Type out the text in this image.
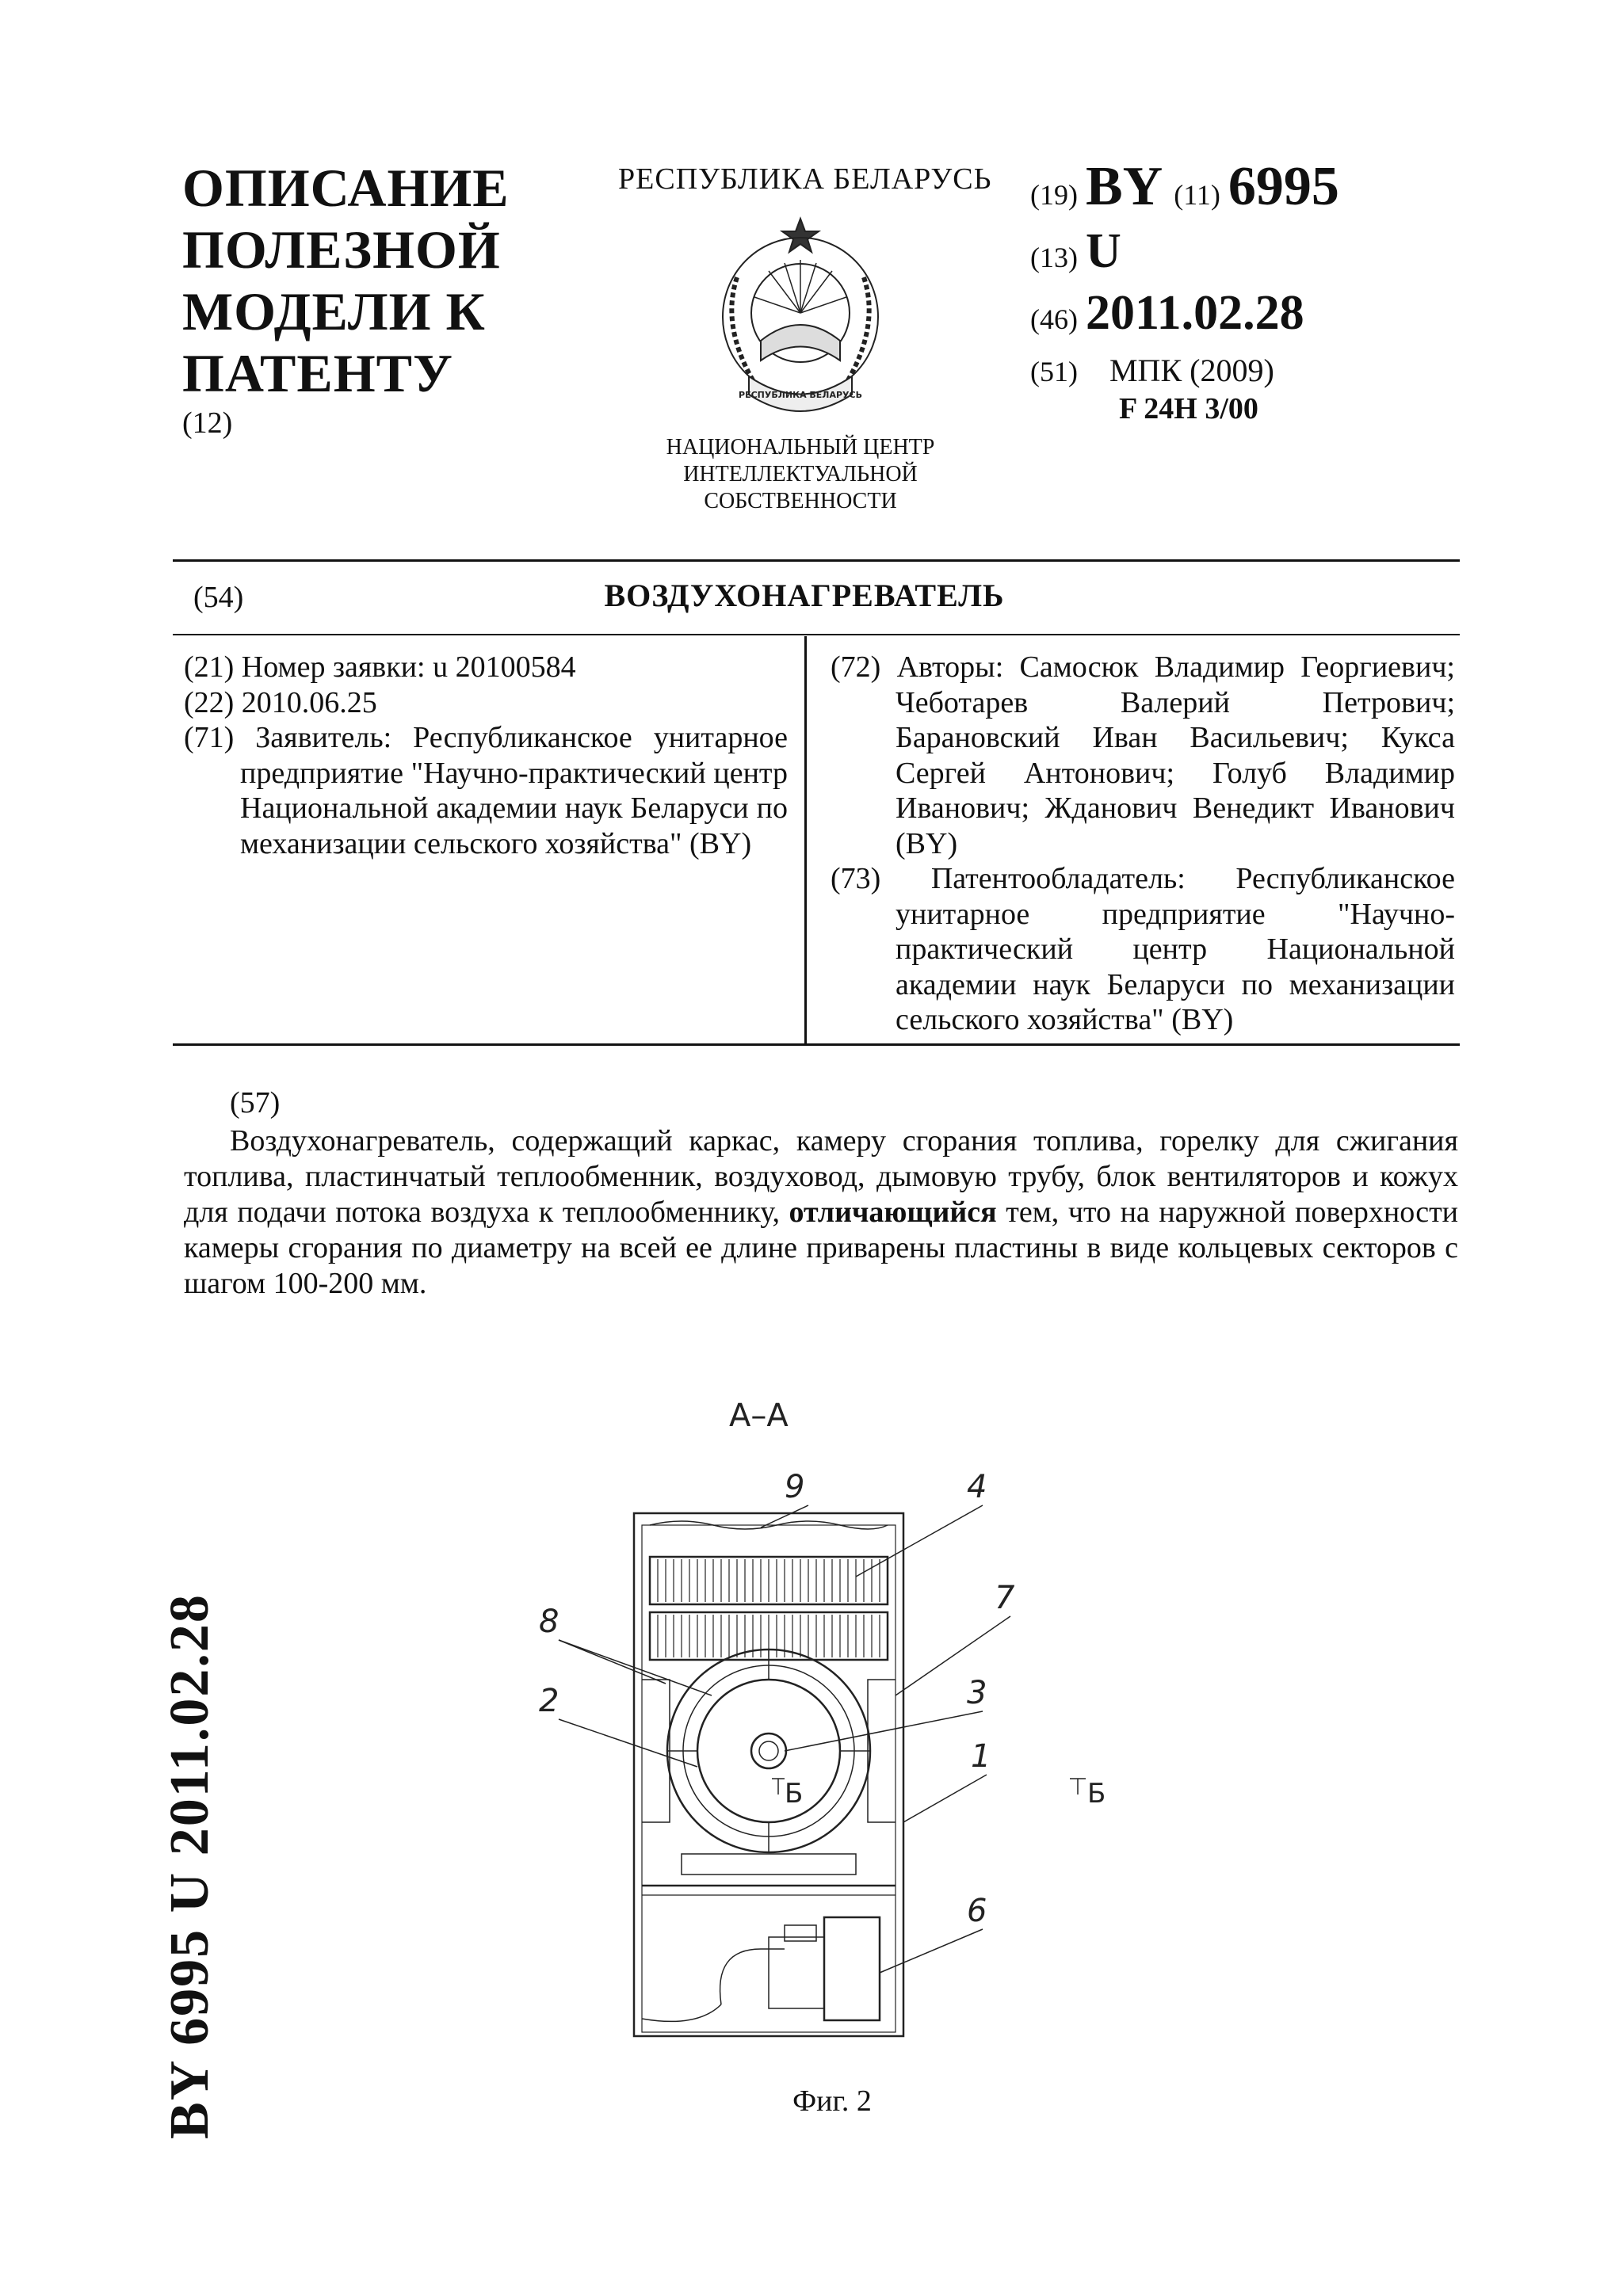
ОПИСАНИЕ
ПОЛЕЗНОЙ
МОДЕЛИ К
ПАТЕНТУ
(12)
РЕСПУБЛИКА БЕЛАРУСЬ
РЕСПУБЛИКА БЕЛАРУСЬ
НАЦИОНАЛЬНЫЙ ЦЕНТР
ИНТЕЛЛЕКТУАЛЬНОЙ
СОБСТВЕННОСТИ
(19) BY (11) 6995
(13) U
(46) 2011.02.28
(51) МПК (2009)
F 24H 3/00
(54)	ВОЗДУХОНАГРЕВАТЕЛЬ
(21) Номер заявки: u 20100584
(22) 2010.06.25
(71) Заявитель: Республиканское унитарное предприятие "Научно-практический центр Национальной академии наук Беларуси по механизации сельского хозяйства" (BY)
(72) Авторы: Самосюк Владимир Георгиевич; Чеботарев Валерий Петрович; Барановский Иван Васильевич; Кукса Сергей Антонович; Голуб Владимир Иванович; Жданович Венедикт Иванович (BY)
(73) Патентообладатель: Республиканское унитарное предприятие "Научно-практический центр Национальной академии наук Беларуси по механизации сельского хозяйства" (BY)
(57)
Воздухонагреватель, содержащий каркас, камеру сгорания топлива, горелку для сжигания топлива, пластинчатый теплообменник, воздуховод, дымовую трубу, блок вентиляторов и кожух для подачи потока воздуха к теплообменнику, отличающийся тем, что на наружной поверхности камеры сгорания по диаметру на всей ее длине приварены пластины в виде кольцевых секторов с шагом 100-200 мм.
A–A
9	4
7
8
2	3
1
6
Б	Б
Фиг. 2
BY 6995 U 2011.02.28
